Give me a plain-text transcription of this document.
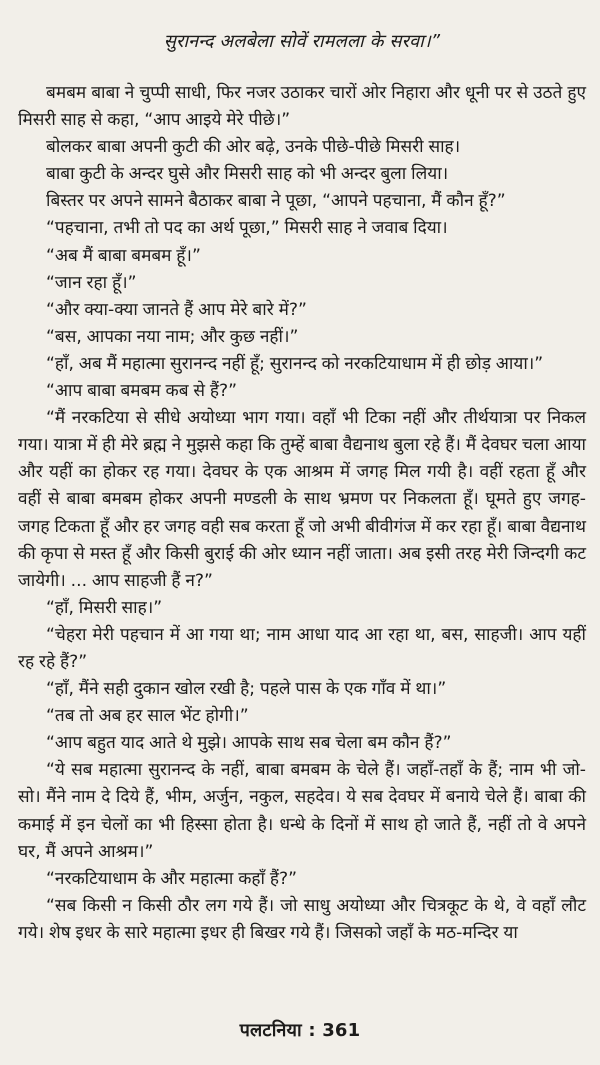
सुरानन्द अलबेला सोवें रामलला के सरवा।”

बमबम बाबा ने चुप्पी साधी, फिर नजर उठाकर चारों ओर निहारा और धूनी पर से उठते हुए मिसरी साह से कहा, “आप आइये मेरे पीछे।”

बोलकर बाबा अपनी कुटी की ओर बढ़े, उनके पीछे-पीछे मिसरी साह।

बाबा कुटी के अन्दर घुसे और मिसरी साह को भी अन्दर बुला लिया।

बिस्तर पर अपने सामने बैठाकर बाबा ने पूछा, “आपने पहचाना, मैं कौन हूँ?”

“पहचाना, तभी तो पद का अर्थ पूछा,” मिसरी साह ने जवाब दिया।

“अब मैं बाबा बमबम हूँ।”

“जान रहा हूँ।”

“और क्या-क्या जानते हैं आप मेरे बारे में?”

“बस, आपका नया नाम; और कुछ नहीं।”

“हाँ, अब मैं महात्मा सुरानन्द नहीं हूँ; सुरानन्द को नरकटियाधाम में ही छोड़ आया।”

“आप बाबा बमबम कब से हैं?”

“मैं नरकटिया से सीधे अयोध्या भाग गया। वहाँ भी टिका नहीं और तीर्थयात्रा पर निकल गया। यात्रा में ही मेरे ब्रह्म ने मुझसे कहा कि तुम्हें बाबा वैद्यनाथ बुला रहे हैं। मैं देवघर चला आया और यहीं का होकर रह गया। देवघर के एक आश्रम में जगह मिल गयी है। वहीं रहता हूँ और वहीं से बाबा बमबम होकर अपनी मण्डली के साथ भ्रमण पर निकलता हूँ। घूमते हुए जगह-जगह टिकता हूँ और हर जगह वही सब करता हूँ जो अभी बीवीगंज में कर रहा हूँ। बाबा वैद्यनाथ की कृपा से मस्त हूँ और किसी बुराई की ओर ध्यान नहीं जाता। अब इसी तरह मेरी जिन्दगी कट जायेगी। ... आप साहजी हैं न?”

“हाँ, मिसरी साह।”

“चेहरा मेरी पहचान में आ गया था; नाम आधा याद आ रहा था, बस, साहजी। आप यहीं रह रहे हैं?”

“हाँ, मैंने सही दुकान खोल रखी है; पहले पास के एक गाँव में था।”

“तब तो अब हर साल भेंट होगी।”

“आप बहुत याद आते थे मुझे। आपके साथ सब चेला बम कौन हैं?”

“ये सब महात्मा सुरानन्द के नहीं, बाबा बमबम के चेले हैं। जहाँ-तहाँ के हैं; नाम भी जो-सो। मैंने नाम दे दिये हैं, भीम, अर्जुन, नकुल, सहदेव। ये सब देवघर में बनाये चेले हैं। बाबा की कमाई में इन चेलों का भी हिस्सा होता है। धन्धे के दिनों में साथ हो जाते हैं, नहीं तो वे अपने घर, मैं अपने आश्रम।”

“नरकटियाधाम के और महात्मा कहाँ हैं?”

“सब किसी न किसी ठौर लग गये हैं। जो साधु अयोध्या और चित्रकूट के थे, वे वहाँ लौट गये। शेष इधर के सारे महात्मा इधर ही बिखर गये हैं। जिसको जहाँ के मठ-मन्दिर या

पलटनिया : 361
